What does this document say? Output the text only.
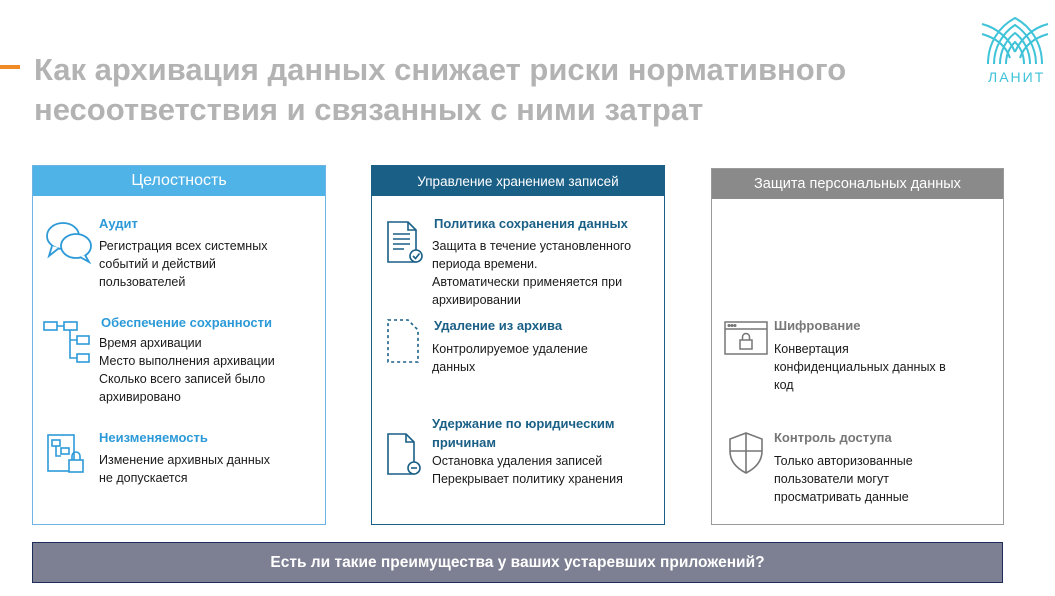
Как архивация данных снижает риски нормативного
несоответствия и связанных с ними затрат
ЛАНИТ
Целостность
Аудит
Регистрация всех системных
событий и действий
пользователей
Обеспечение сохранности
Время архивации
Место выполнения архивации
Сколько всего записей было
архивировано
Неизменяемость
Изменение архивных данных
не допускается
Управление хранением записей
Политика сохранения данных
Защита в течение установленного
периода времени.
Автоматически применяется при
архивировании
Удаление из архива
Контролируемое удаление
данных
Удержание по юридическим
причинам
Остановка удаления записей
Перекрывает политику хранения
Защита персональных данных
Шифрование
Конвертация
конфиденциальных данных в
код
Контроль доступа
Только авторизованные
пользователи могут
просматривать данные
Есть ли такие преимущества у ваших устаревших приложений?
